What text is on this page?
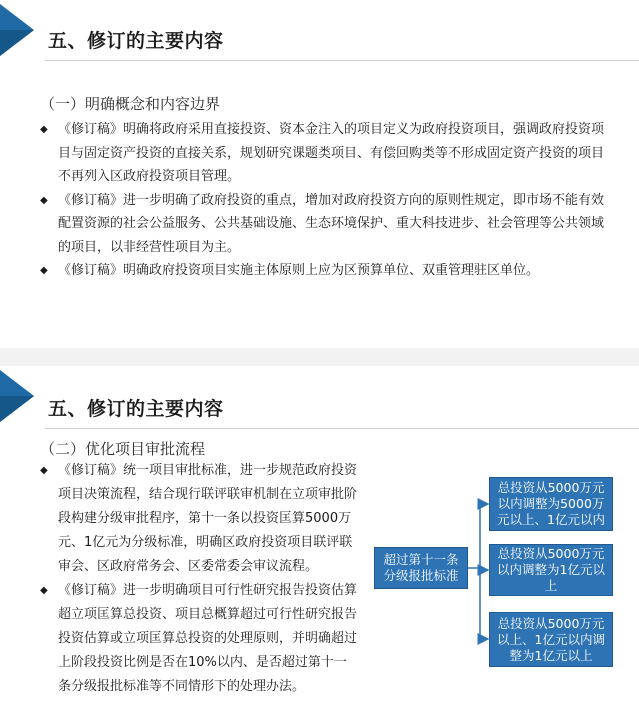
五、修订的主要内容
（一）明确概念和内容边界
◆ 《修订稿》明确将政府采用直接投资、资本金注入的项目定义为政府投资项目，强调政府投资项目与固定资产投资的直接关系，规划研究课题类项目、有偿回购类等不形成固定资产投资的项目不再列入区政府投资项目管理。
◆ 《修订稿》进一步明确了政府投资的重点，增加对政府投资方向的原则性规定，即市场不能有效配置资源的社会公益服务、公共基础设施、生态环境保护、重大科技进步、社会管理等公共领域的项目，以非经营性项目为主。
◆ 《修订稿》明确政府投资项目实施主体原则上应为区预算单位、双重管理驻区单位。
五、修订的主要内容
（二）优化项目审批流程
◆ 《修订稿》统一项目审批标准，进一步规范政府投资项目决策流程，结合现行联评联审机制在立项审批阶段构建分级审批程序，第十一条以投资匡算5000万元、1亿元为分级标准，明确区政府投资项目联评联审会、区政府常务会、区委常委会审议流程。
◆ 《修订稿》进一步明确项目可行性研究报告投资估算超立项匡算总投资、项目总概算超过可行性研究报告投资估算或立项匡算总投资的处理原则，并明确超过上阶段投资比例是否在10%以内、是否超过第十一条分级报批标准等不同情形下的处理办法。
超过第十一条分级报批标准
总投资从5000万元以内调整为5000万元以上、1亿元以内
总投资从5000万元以内调整为1亿元以上
总投资从5000万元以上、1亿元以内调整为1亿元以上
